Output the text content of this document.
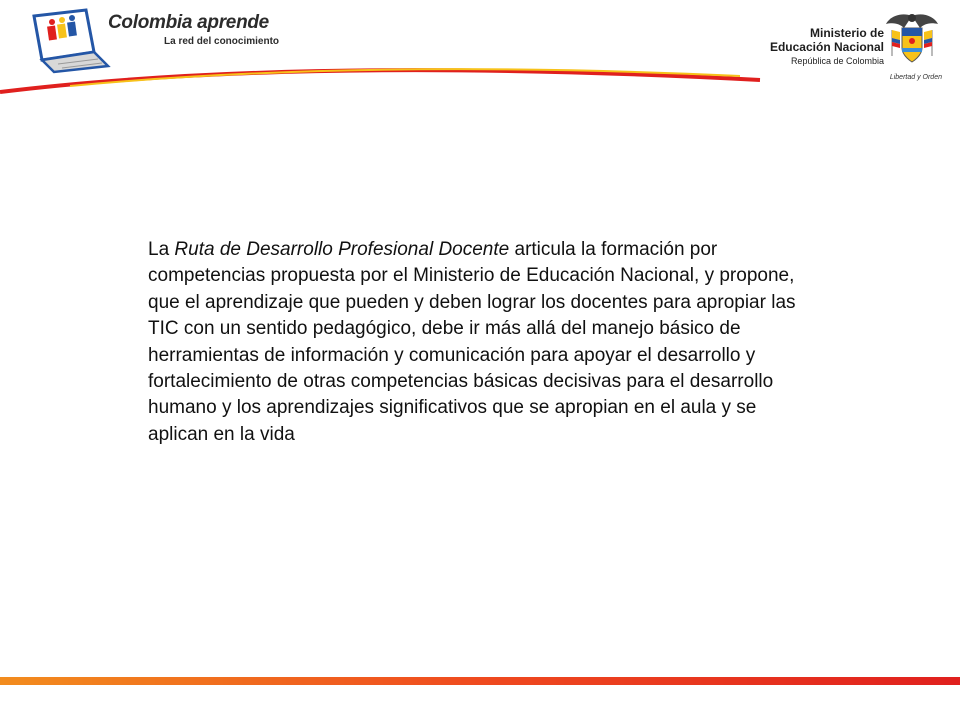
Colombia aprende
La red del conocimiento
Ministerio de
Educación Nacional
República de Colombia
Libertad y Orden

La Ruta de Desarrollo Profesional Docente articula la formación por competencias propuesta por el Ministerio de Educación Nacional, y propone, que el aprendizaje que pueden y deben lograr los docentes para apropiar las TIC con un sentido pedagógico, debe ir más allá del manejo básico de herramientas de información y comunicación para apoyar el desarrollo y fortalecimiento de otras competencias básicas decisivas para el desarrollo humano y los aprendizajes significativos que se apropian en el aula y se aplican en la vida
